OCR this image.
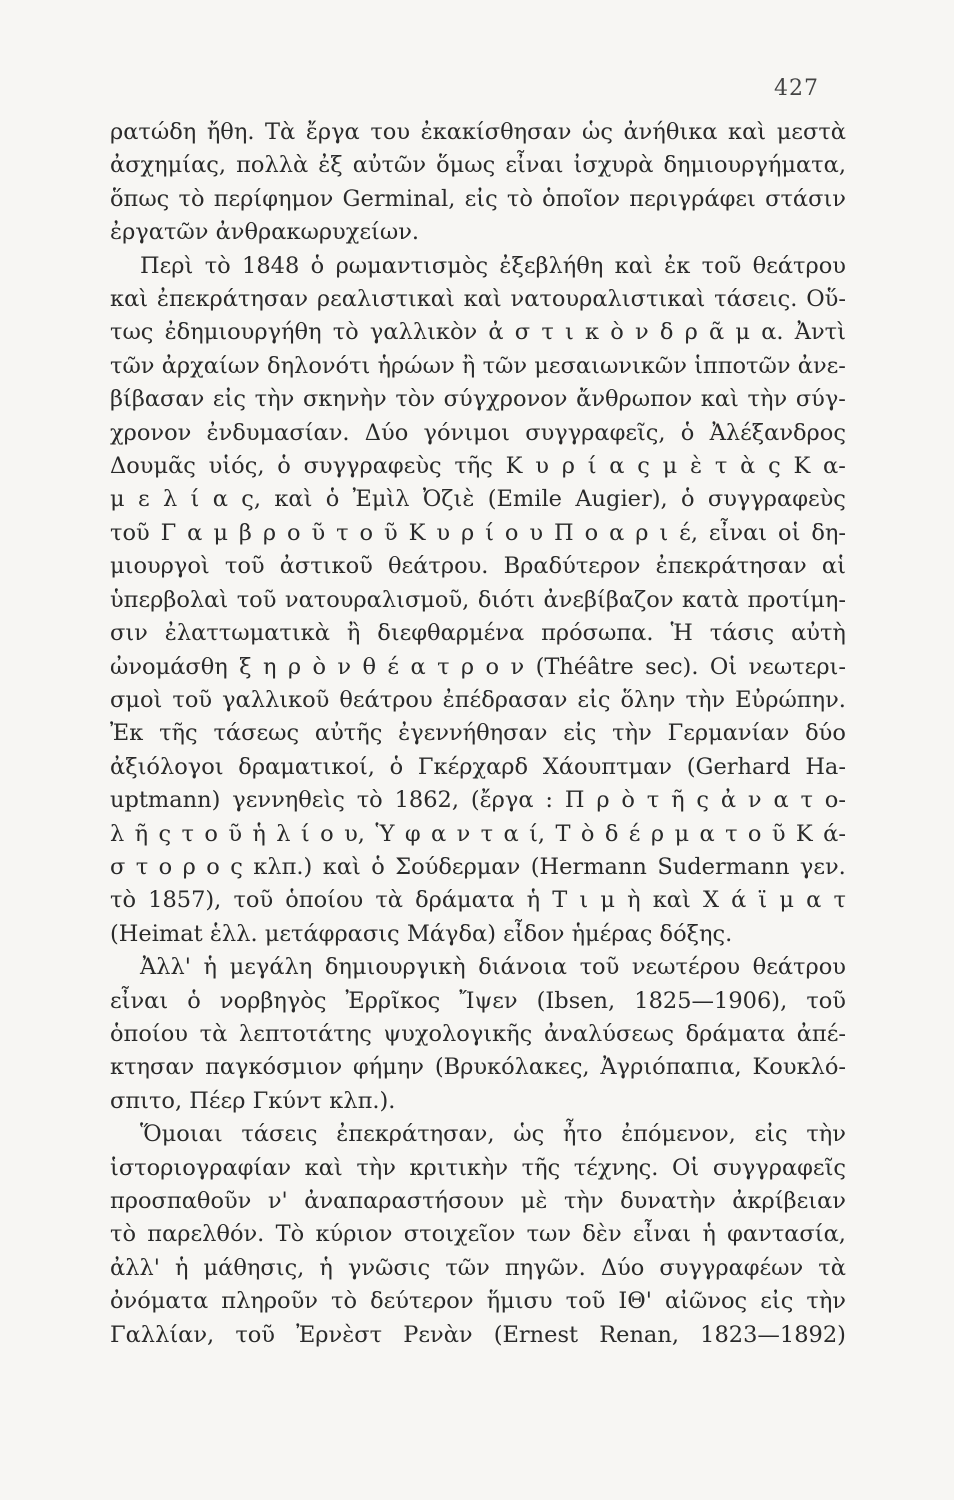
427
ρατώδη ἤθη. Τὰ ἔργα του ἐκακίσθησαν ὡς ἀνήθικα καὶ μεστὰ
ἀσχημίας, πολλὰ ἐξ αὐτῶν ὅμως εἶναι ἰσχυρὰ δημιουργήματα,
ὅπως τὸ περίφημον Germinal, εἰς τὸ ὁποῖον περιγράφει στάσιν
ἐργατῶν
ἀνθρακωρυχείων.
Περὶ τὸ 1848 ὁ ρωμαντισμὸς ἐξεβλήθη καὶ ἐκ τοῦ θεάτρου
καὶ ἐπεκράτησαν ρεαλιστικαὶ καὶ νατουραλιστικαὶ τάσεις. Οὕ-
τως ἐδημιουργήθη τὸ γαλλικὸν ἀ σ τ ι κ ὸ ν δ ρ ᾶ μ α. Ἀντὶ
τῶν ἀρχαίων δηλονότι ἡρώων ἢ τῶν μεσαιωνικῶν ἱπποτῶν ἀνε-
βίβασαν εἰς τὴν σκηνὴν τὸν σύγχρονον ἄνθρωπον καὶ τὴν σύγ-
χρονον ἐνδυμασίαν. Δύο γόνιμοι συγγραφεῖς, ὁ Ἀλέξανδρος
Δουμᾶς υἱός, ὁ συγγραφεὺς τῆς Κ υ ρ ί α ς μ ὲ τ ὰ ς Κ α-
μ ε λ ί α ς, καὶ ὁ Ἐμὶλ Ὀζιὲ (Emile Augier), ὁ συγγραφεὺς
τοῦ Γ α μ β ρ ο ῦ τ ο ῦ Κ υ ρ ί ο υ Π ο α ρ ι έ, εἶναι οἱ δη-
μιουργοὶ τοῦ ἀστικοῦ θεάτρου. Βραδύτερον ἐπεκράτησαν αἱ
ὑπερβολαὶ τοῦ νατουραλισμοῦ, διότι ἀνεβίβαζον κατὰ προτίμη-
σιν ἐλαττωματικὰ ἢ διεφθαρμένα πρόσωπα. Ἡ τάσις αὐτὴ
ὠνομάσθη ξ η ρ ὸ ν θ έ α τ ρ ο ν (Théâtre sec). Οἱ νεωτερι-
σμοὶ τοῦ γαλλικοῦ θεάτρου ἐπέδρασαν εἰς ὅλην τὴν Εὐρώπην.
Ἐκ τῆς τάσεως αὐτῆς ἐγεννήθησαν εἰς τὴν Γερμανίαν δύο
ἀξιόλογοι δραματικοί, ὁ Γκέρχαρδ Χάουπτμαν (Gerhard Ha-
uptmann) γεννηθεὶς τὸ 1862, (ἔργα : Π ρ ὸ τ ῆ ς ἀ ν α τ ο-
λ ῆ ς τ ο ῦ ἡ λ ί ο υ, Ὑ φ α ν τ α ί, Τ ὸ δ έ ρ μ α τ ο ῦ Κ ά-
σ τ ο ρ ο ς κλπ.) καὶ ὁ Σούδερμαν (Hermann Sudermann γεν.
τὸ 1857), τοῦ ὁποίου τὰ δράματα ἡ Τ ι μ ὴ καὶ Χ ά ϊ μ α τ
(Heimat
ἑλλ.
μετάφρασις
Μάγδα)
εἶδον
ἡμέρας
δόξης.
Ἀλλ' ἡ μεγάλη δημιουργικὴ διάνοια τοῦ νεωτέρου θεάτρου
εἶναι ὁ νορβηγὸς Ἐρρῖκος Ἴψεν (Ibsen, 1825—1906), τοῦ
ὁποίου τὰ λεπτοτάτης ψυχολογικῆς ἀναλύσεως δράματα ἀπέ-
κτησαν παγκόσμιον φήμην (Βρυκόλακες, Ἀγριόπαπια, Κουκλό-
σπιτο,
Πέερ
Γκύντ
κλπ.).
Ὅμοιαι τάσεις ἐπεκράτησαν, ὡς ἦτο ἐπόμενον, εἰς τὴν
ἱστοριογραφίαν καὶ τὴν κριτικὴν τῆς τέχνης. Οἱ συγγραφεῖς
προσπαθοῦν ν' ἀναπαραστήσουν μὲ τὴν δυνατὴν ἀκρίβειαν
τὸ παρελθόν. Τὸ κύριον στοιχεῖον των δὲν εἶναι ἡ φαντασία,
ἀλλ' ἡ μάθησις, ἡ γνῶσις τῶν πηγῶν. Δύο συγγραφέων τὰ
ὀνόματα πληροῦν τὸ δεύτερον ἥμισυ τοῦ ΙΘ' αἰῶνος εἰς τὴν
Γαλλίαν, τοῦ Ἐρνὲστ Ρενὰν (Ernest Renan, 1823—1892)
